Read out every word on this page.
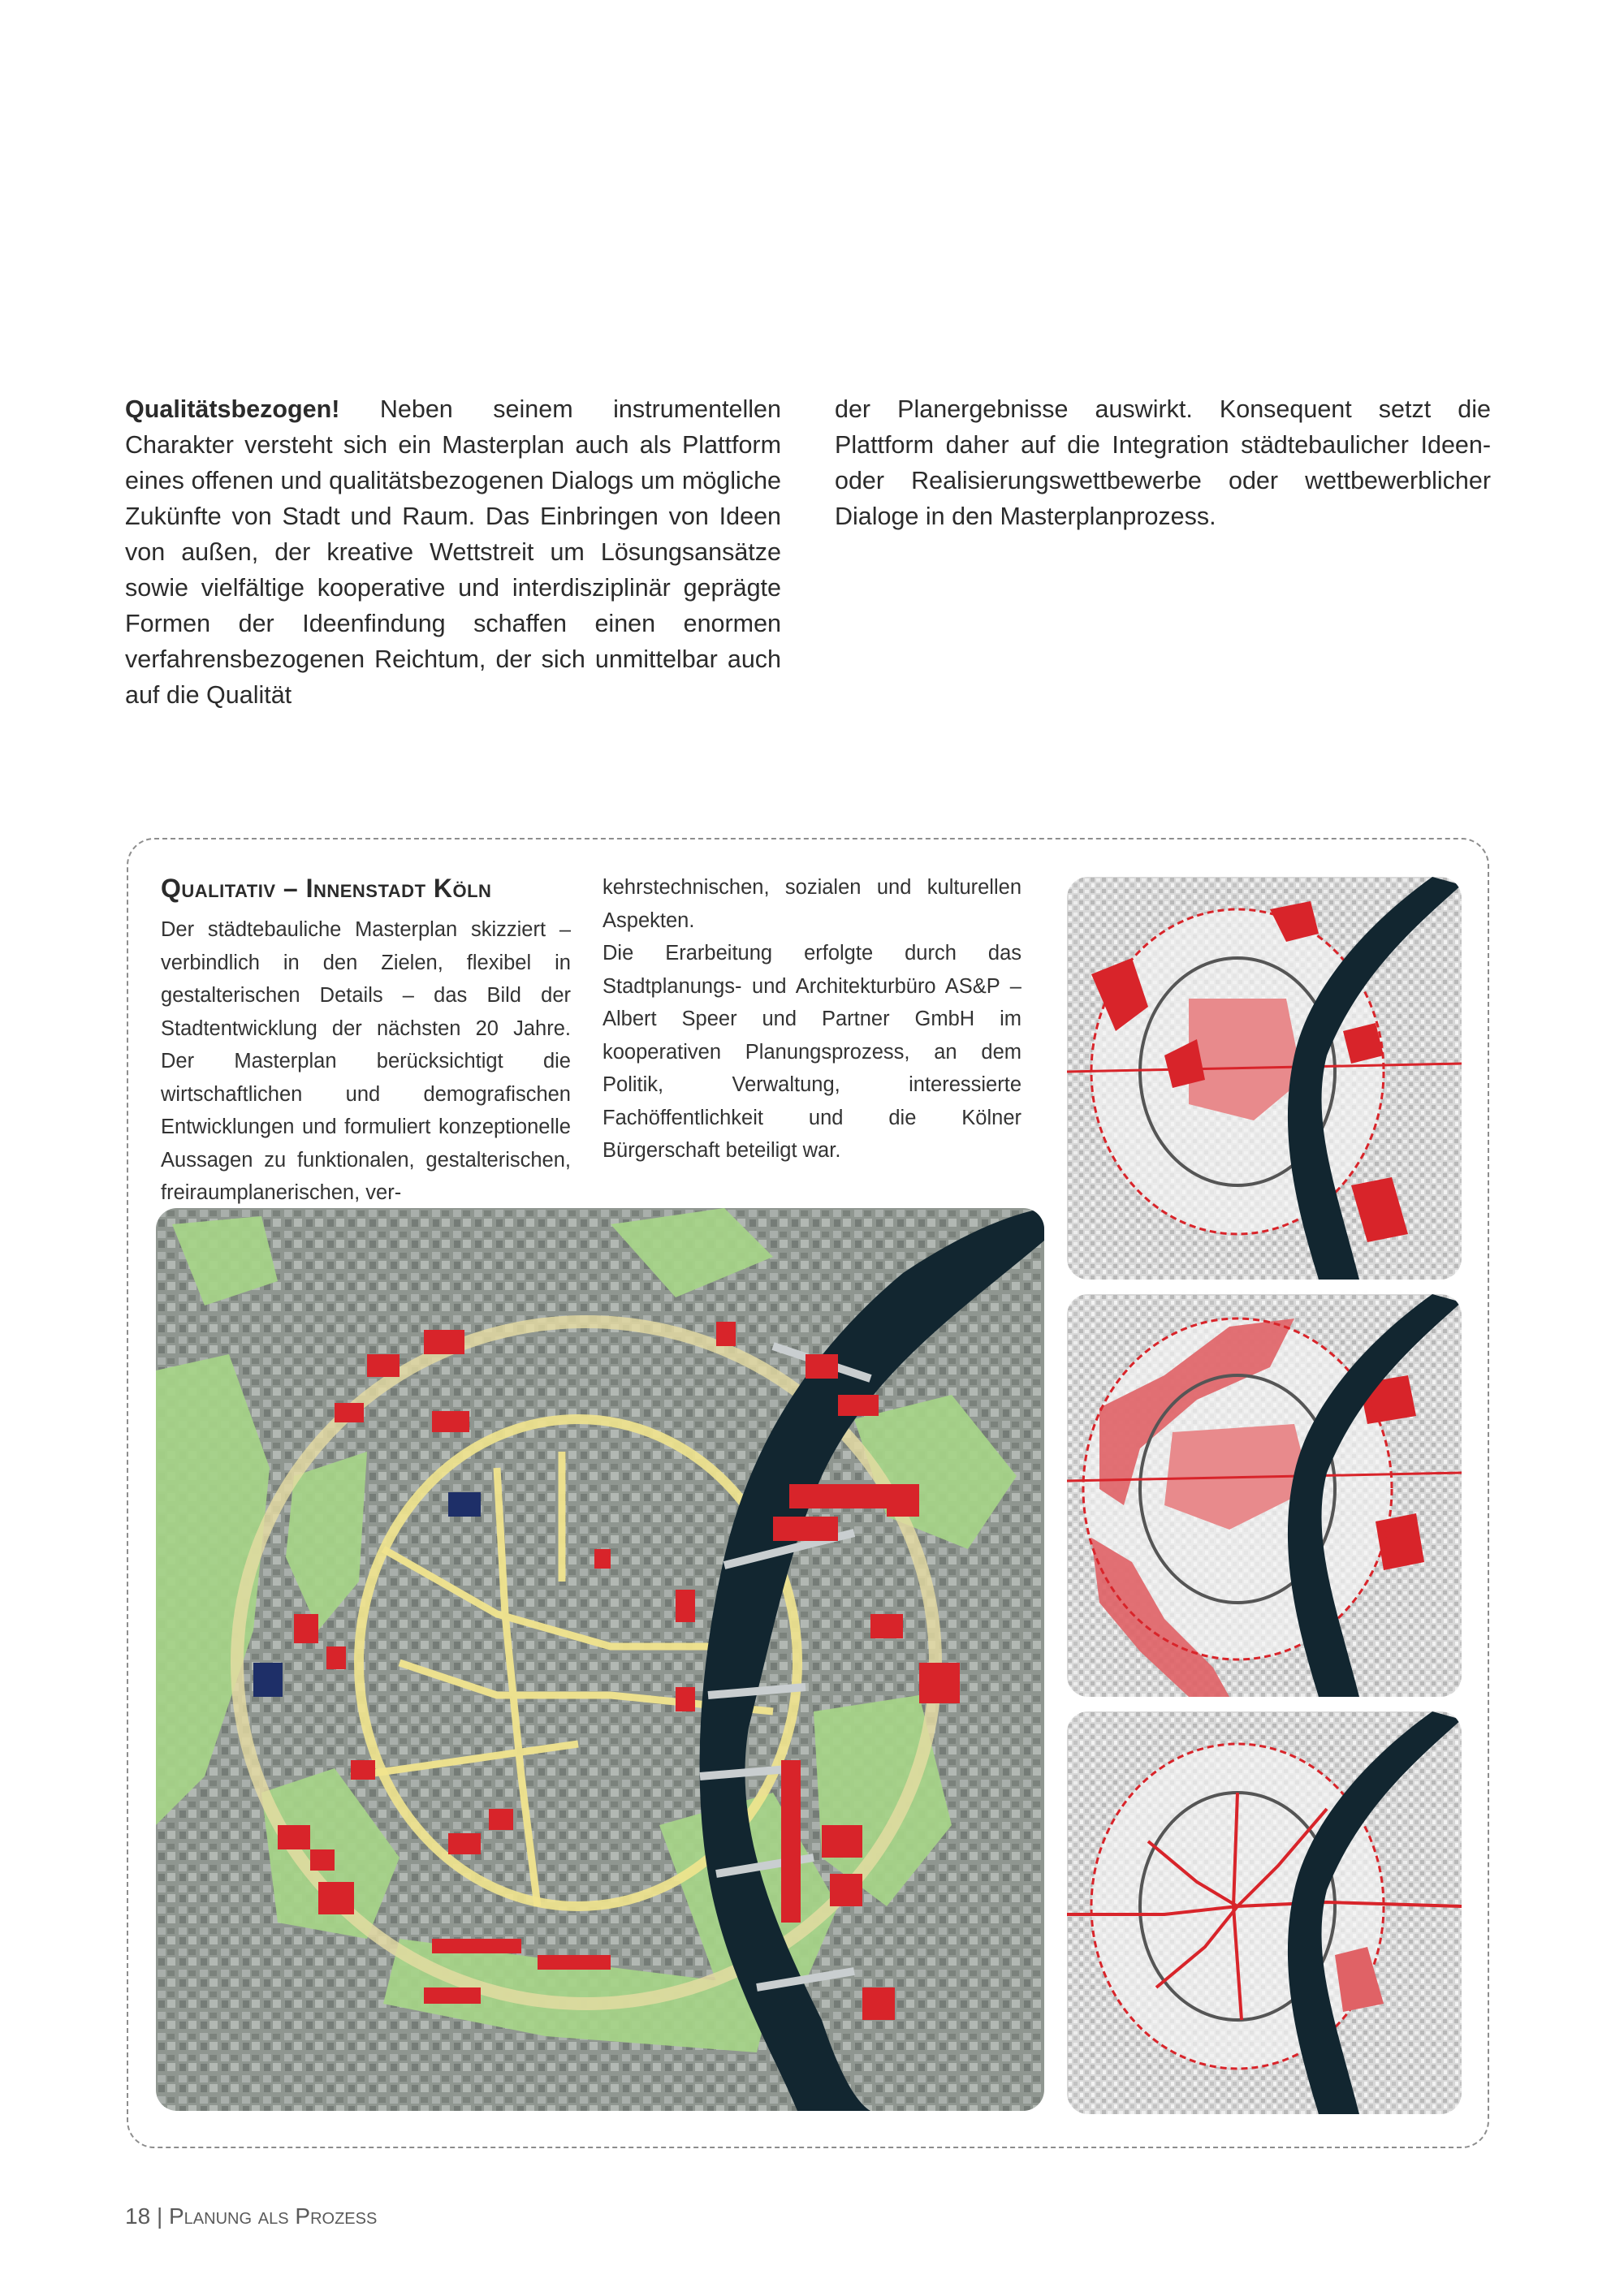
Qualitätsbezogen! Neben seinem instrumentellen Charakter versteht sich ein Masterplan auch als Plattform eines offenen und qualitätsbezogenen Dialogs um mögliche Zukünfte von Stadt und Raum. Das Einbringen von Ideen von außen, der kreative Wettstreit um Lösungsansätze sowie vielfältige kooperative und interdisziplinär geprägte Formen der Ideenfindung schaffen einen enormen verfahrensbezogenen Reichtum, der sich unmittelbar auch auf die Qualität

der Planergebnisse auswirkt. Konsequent setzt die Plattform daher auf die Integration städtebaulicher Ideen- oder Realisierungswettbewerbe oder wettbewerblicher Dialoge in den Masterplanprozess.

Qualitativ – Innenstadt Köln

Der städtebauliche Masterplan skizziert – verbindlich in den Zielen, flexibel in gestalterischen Details – das Bild der Stadtentwicklung der nächsten 20 Jahre. Der Masterplan berücksichtigt die wirtschaftlichen und demografischen Entwicklungen und formuliert konzeptionelle Aussagen zu funktionalen, gestalterischen, freiraumplanerischen, ver-

kehrstechnischen, sozialen und kulturellen Aspekten.

Die Erarbeitung erfolgte durch das Stadtplanungs- und Architekturbüro AS&P – Albert Speer und Partner GmbH im kooperativen Planungsprozess, an dem Politik, Verwaltung, interessierte Fachöffentlichkeit und die Kölner Bürgerschaft beteiligt war.

18 | Planung als Prozess
